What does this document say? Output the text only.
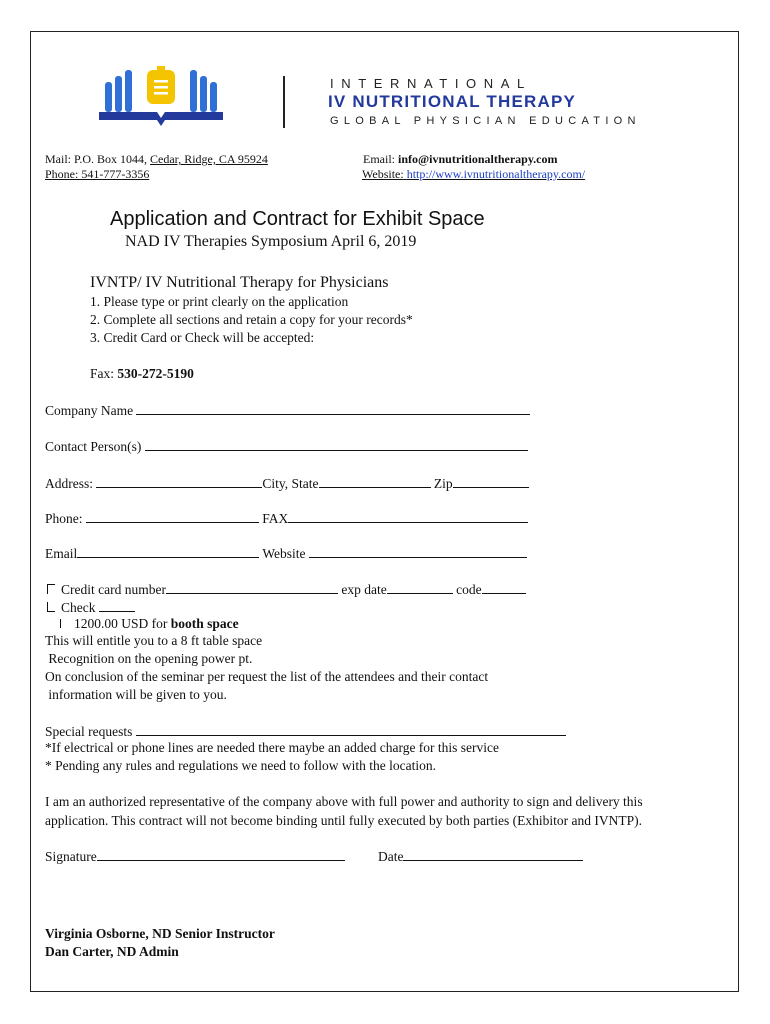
INTERNATIONAL
IV NUTRITIONAL THERAPY
GLOBAL PHYSICIAN EDUCATION
Mail: P.O. Box 1044, Cedar, Ridge, CA 95924
Phone: 541-777-3356
Email: info@ivnutritionaltherapy.com
Website: http://www.ivnutritionaltherapy.com/
Application and Contract for Exhibit Space
NAD IV Therapies Symposium April 6, 2019
IVNTP/ IV Nutritional Therapy for Physicians
1. Please type or print clearly on the application
2. Complete all sections and retain a copy for your records*
3. Credit Card or Check will be accepted:
Fax: 530-272-5190
Company Name
Contact Person(s)
Address:	City, State	Zip
Phone:	FAX
Email	Website
Credit card number	exp date	code
Check
1200.00 USD for booth space
This will entitle you to a 8 ft table space
Recognition on the opening power pt.
On conclusion of the seminar per request the list of the attendees and their contact
information will be given to you.
Special requests
*If electrical or phone lines are needed there maybe an added charge for this service
* Pending any rules and regulations we need to follow with the location.
I am an authorized representative of the company above with full power and authority to sign and delivery this
application. This contract will not become binding until fully executed by both parties (Exhibitor and IVNTP).
Signature	Date
Virginia Osborne, ND Senior Instructor
Dan Carter, ND Admin
